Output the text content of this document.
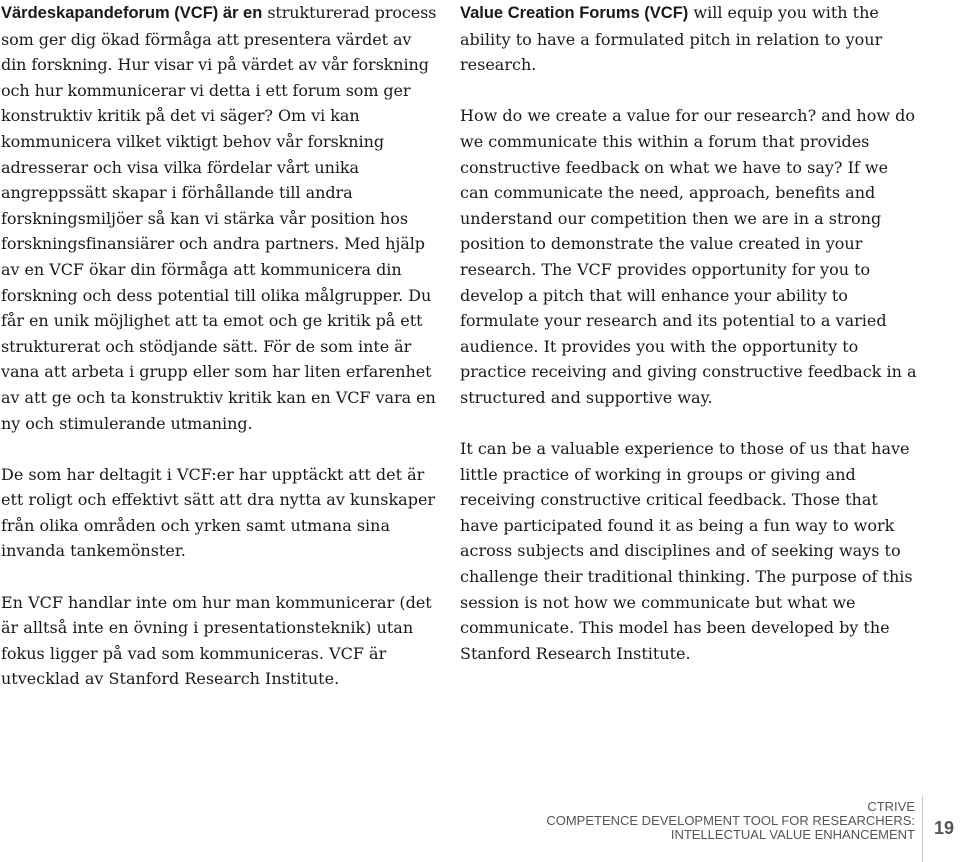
Värdeskapandeforum (VCF) är en strukturerad process som ger dig ökad förmåga att presentera värdet av din forskning. Hur visar vi på värdet av vår forskning och hur kommunicerar vi detta i ett forum som ger konstruktiv kritik på det vi säger? Om vi kan kommunicera vilket viktigt behov vår forskning adresserar och visa vilka fördelar vårt unika angreppssätt skapar i förhållande till andra forskningsmiljöer så kan vi stärka vår position hos forskningsfinansiärer och andra partners. Med hjälp av en VCF ökar din förmåga att kommunicera din forskning och dess potential till olika målgrupper. Du får en unik möjlighet att ta emot och ge kritik på ett strukturerat och stödjande sätt. För de som inte är vana att arbeta i grupp eller som har liten erfarenhet av att ge och ta konstruktiv kritik kan en VCF vara en ny och stimulerande utmaning.

De som har deltagit i VCF:er har upptäckt att det är ett roligt och effektivt sätt att dra nytta av kunskaper från olika områden och yrken samt utmana sina invanda tankemönster.

En VCF handlar inte om hur man kommunicerar (det är alltså inte en övning i presentationsteknik) utan fokus ligger på vad som kommuniceras. VCF är utvecklad av Stanford Research Institute.

Value Creation Forums (VCF) will equip you with the ability to have a formulated pitch in relation to your research.

How do we create a value for our research? and how do we communicate this within a forum that provides constructive feedback on what we have to say? If we can communicate the need, approach, benefits and understand our competition then we are in a strong position to demonstrate the value created in your research. The VCF provides opportunity for you to develop a pitch that will enhance your ability to formulate your research and its potential to a varied audience. It provides you with the opportunity to practice receiving and giving constructive feedback in a structured and supportive way.

It can be a valuable experience to those of us that have little practice of working in groups or giving and receiving constructive critical feedback. Those that have participated found it as being a fun way to work across subjects and disciplines and of seeking ways to challenge their traditional thinking. The purpose of this session is not how we communicate but what we communicate. This model has been developed by the Stanford Research Institute.

CTRIVE
COMPETENCE DEVELOPMENT TOOL FOR RESEARCHERS:
INTELLECTUAL VALUE ENHANCEMENT 19
